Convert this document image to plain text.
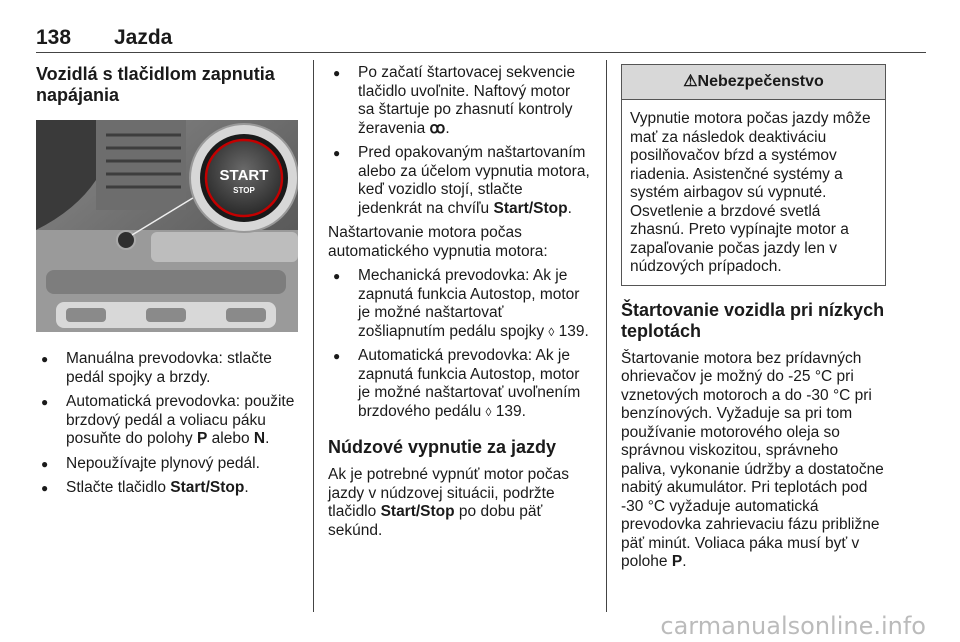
138 Jazda
Vozidlá s tlačidlom zapnutia napájania
START
STOP
● Manuálna prevodovka: stlačte pedál spojky a brzdy.
● Automatická prevodovka: použite brzdový pedál a voliacu páku posuňte do polohy P alebo N.
● Nepoužívajte plynový pedál.
● Stlačte tlačidlo Start/Stop.
● Po začatí štartovacej sekvencie tlačidlo uvoľnite. Naftový motor sa štartuje po zhasnutí kontroly žeravenia ꝏ.
● Pred opakovaným naštartovaním alebo za účelom vypnutia motora, keď vozidlo stojí, stlačte jedenkrát na chvíľu Start/Stop.

Naštartovanie motora počas automatického vypnutia motora:

● Mechanická prevodovka: Ak je zapnutá funkcia Autostop, motor je možné naštartovať zošliapnutím pedálu spojky ◊ 139.
● Automatická prevodovka: Ak je zapnutá funkcia Autostop, motor je možné naštartovať uvoľnením brzdového pedálu ◊ 139.
Núdzové vypnutie za jazdy

Ak je potrebné vypnúť motor počas jazdy v núdzovej situácii, podržte tlačidlo Start/Stop po dobu päť sekúnd.

⚠Nebezpečenstvo
Vypnutie motora počas jazdy môže mať za následok deaktiváciu posilňovačov bŕzd a systémov riadenia. Asistenčné systémy a systém airbagov sú vypnuté. Osvetlenie a brzdové svetlá zhasnú. Preto vypínajte motor a zapaľovanie počas jazdy len v núdzových prípadoch.
Štartovanie vozidla pri nízkych teplotách

Štartovanie motora bez prídavných ohrievačov je možný do -25 °C pri vznetových motoroch a do -30 °C pri benzínových. Vyžaduje sa pri tom používanie motorového oleja so správnou viskozitou, správneho paliva, vykonanie údržby a dostatočne nabitý akumulátor. Pri teplotách pod -30 °C vyžaduje automatická prevodovka zahrievaciu fázu približne päť minút. Voliaca páka musí byť v polohe P.

carmanualsonline.info
